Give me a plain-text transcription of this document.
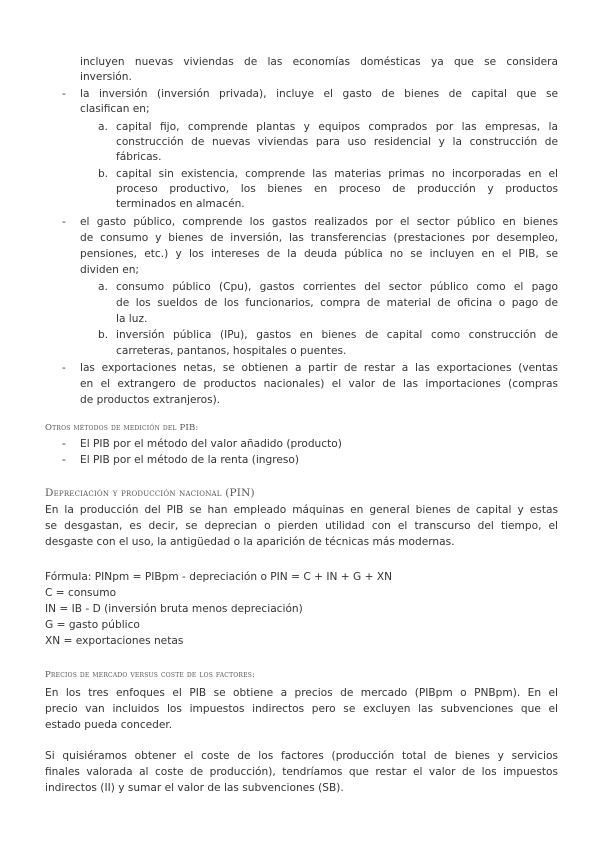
incluyen nuevas viviendas de las economías domésticas ya que se considera
inversión.
- la inversión (inversión privada), incluye el gasto de bienes de capital que se
clasifican en;
a. capital fijo, comprende plantas y equipos comprados por las empresas, la
construcción de nuevas viviendas para uso residencial y la construcción de
fábricas.
b. capital sin existencia, comprende las materias primas no incorporadas en el
proceso productivo, los bienes en proceso de producción y productos
terminados en almacén.
- el gasto público, comprende los gastos realizados por el sector público en bienes
de consumo y bienes de inversión, las transferencias (prestaciones por desempleo,
pensiones, etc.) y los intereses de la deuda pública no se incluyen en el PIB, se
dividen en;
a. consumo público (Cpu), gastos corrientes del sector público como el pago
de los sueldos de los funcionarios, compra de material de oficina o pago de
la luz.
b. inversión pública (IPu), gastos en bienes de capital como construcción de
carreteras, pantanos, hospitales o puentes.
- las exportaciones netas, se obtienen a partir de restar a las exportaciones (ventas
en el extrangero de productos nacionales) el valor de las importaciones (compras
de productos extranjeros).
Otros métodos de medición del PIB:
- El PIB por el método del valor añadido (producto)
- El PIB por el método de la renta (ingreso)
Depreciación y producción nacional (PIN)
En la producción del PIB se han empleado máquinas en general bienes de capital y estas
se desgastan, es decir, se deprecian o pierden utilidad con el transcurso del tiempo, el
desgaste con el uso, la antigüedad o la aparición de técnicas más modernas.
Fórmula: PINpm = PIBpm - depreciación o PIN = C + IN + G + XN
C = consumo
IN = IB - D (inversión bruta menos depreciación)
G = gasto público
XN = exportaciones netas
Precios de mercado versus coste de los factores:
En los tres enfoques el PIB se obtiene a precios de mercado (PIBpm o PNBpm). En el
precio van incluidos los impuestos indirectos pero se excluyen las subvenciones que el
estado pueda conceder.
Si quisiéramos obtener el coste de los factores (producción total de bienes y servicios
finales valorada al coste de producción), tendríamos que restar el valor de los impuestos
indirectos (II) y sumar el valor de las subvenciones (SB).
